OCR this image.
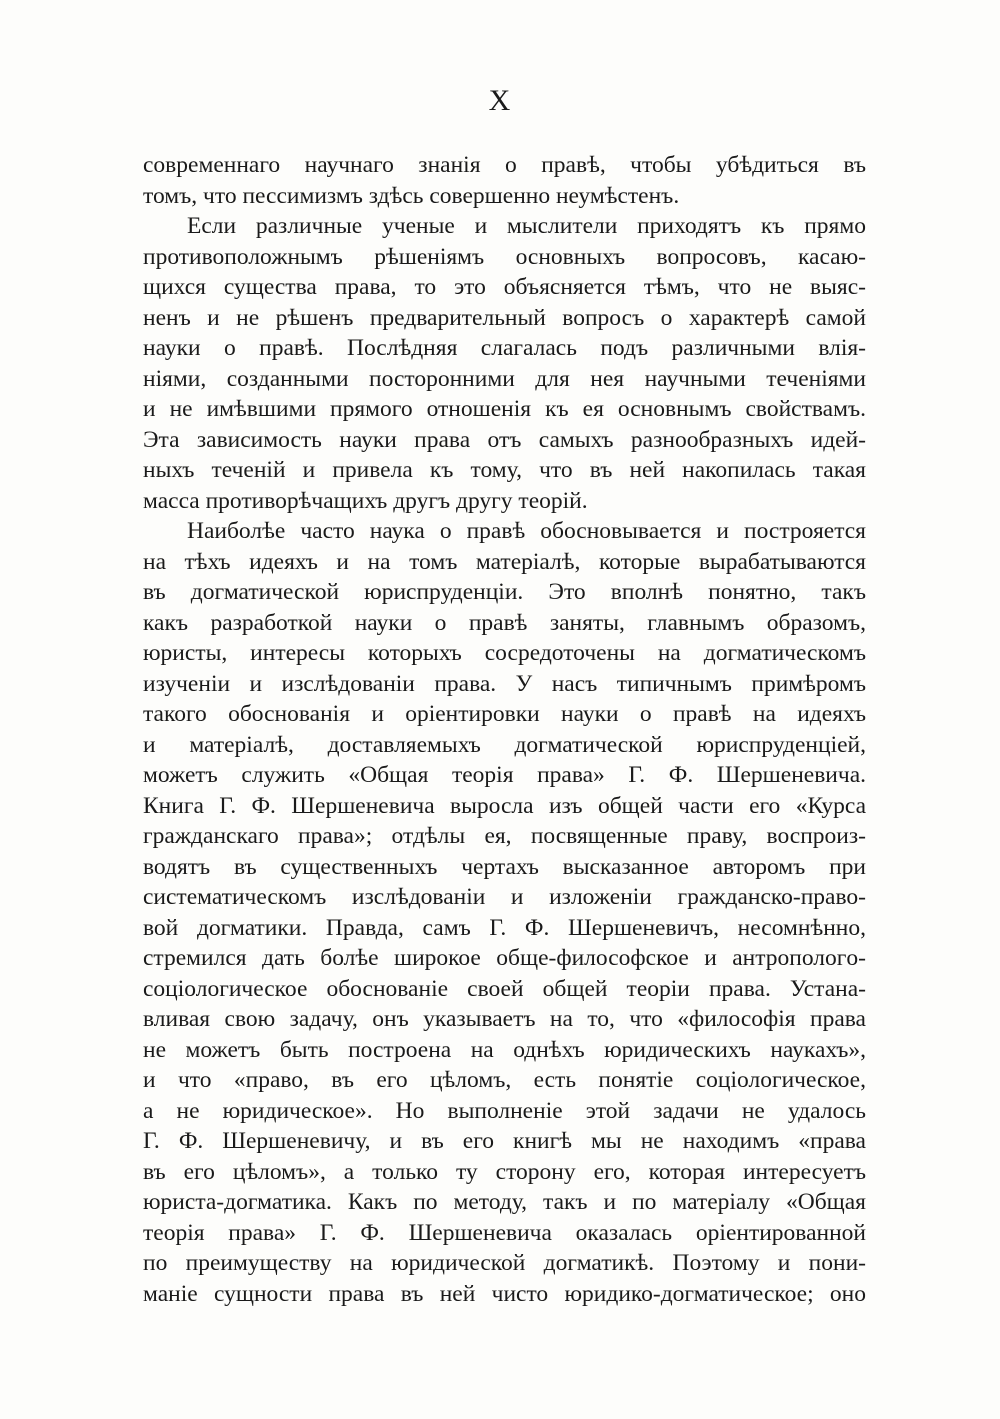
X
современнаго научнаго знанія о правѣ, чтобы убѣдиться въ
томъ, что пессимизмъ здѣсь совершенно неумѣстенъ.
Если различные ученые и мыслители приходятъ къ прямо
противоположнымъ рѣшеніямъ основныхъ вопросовъ, касаю-
щихся существа права, то это объясняется тѣмъ, что не выяс-
ненъ и не рѣшенъ предварительный вопросъ о характерѣ самой
науки о правѣ. Послѣдняя слагалась подъ различными влія-
ніями, созданными посторонними для нея научными теченіями
и не имѣвшими прямого отношенія къ ея основнымъ свойствамъ.
Эта зависимость науки права отъ самыхъ разнообразныхъ идей-
ныхъ теченій и привела къ тому, что въ ней накопилась такая
масса противорѣчащихъ другъ другу теорій.
Наиболѣе часто наука о правѣ обосновывается и построяется
на тѣхъ идеяхъ и на томъ матеріалѣ, которые вырабатываются
въ догматической юриспруденціи. Это вполнѣ понятно, такъ
какъ разработкой науки о правѣ заняты, главнымъ образомъ,
юристы, интересы которыхъ сосредоточены на догматическомъ
изученіи и изслѣдованіи права. У насъ типичнымъ примѣромъ
такого обоснованія и оріентировки науки о правѣ на идеяхъ
и матеріалѣ, доставляемыхъ догматической юриспруденціей,
можетъ служить «Общая теорія права» Г. Ф. Шершеневича.
Книга Г. Ф. Шершеневича выросла изъ общей части его «Курса
гражданскаго права»; отдѣлы ея, посвященные праву, воспроиз-
водятъ въ существенныхъ чертахъ высказанное авторомъ при
систематическомъ изслѣдованіи и изложеніи гражданско-право-
вой догматики. Правда, самъ Г. Ф. Шершеневичъ, несомнѣнно,
стремился дать болѣе широкое обще-философское и антропологo-
соціологическое обоснованіе своей общей теоріи права. Устана-
вливая свою задачу, онъ указываетъ на то, что «философія права
не можетъ быть построена на однѣхъ юридическихъ наукахъ»,
и что «право, въ его цѣломъ, есть понятіе соціологическое,
а не юридическое». Но выполненіе этой задачи не удалось
Г. Ф. Шершеневичу, и въ его книгѣ мы не находимъ «права
въ его цѣломъ», а только ту сторону его, которая интересуетъ
юриста-догматика. Какъ по методу, такъ и по матеріалу «Общая
теорія права» Г. Ф. Шершеневича оказалась оріентированной
по преимуществу на юридической догматикѣ. Поэтому и пони-
маніе сущности права въ ней чисто юридико-догматическое; оно
